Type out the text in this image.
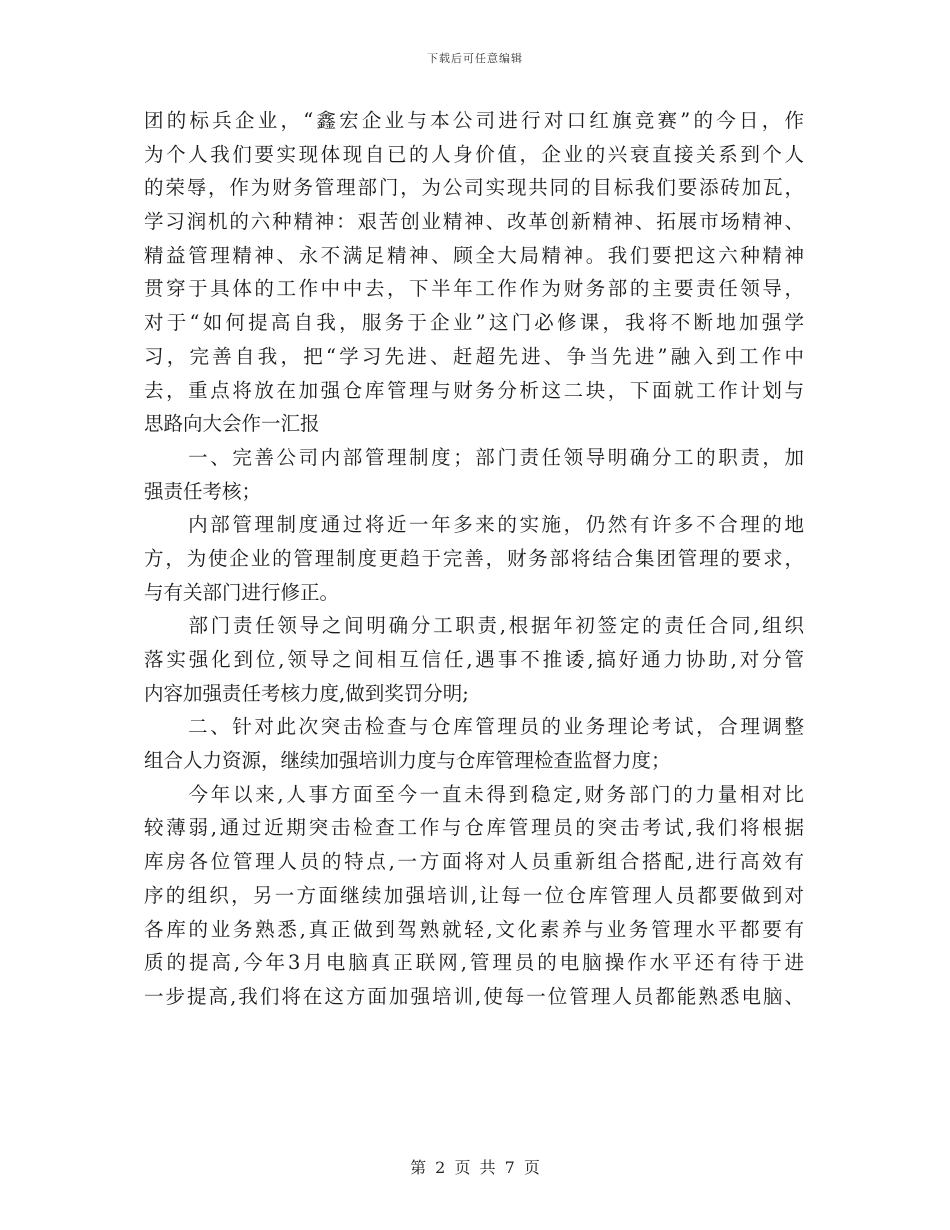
下载后可任意编辑
团的标兵企业，“鑫宏企业与本公司进行对口红旗竞赛”的今日，作
为个人我们要实现体现自已的人身价值，企业的兴衰直接关系到个人
的荣辱，作为财务管理部门，为公司实现共同的目标我们要添砖加瓦，
学习润机的六种精神：艰苦创业精神、改革创新精神、拓展市场精神、
精益管理精神、永不满足精神、顾全大局精神。我们要把这六种精神
贯穿于具体的工作中中去，下半年工作作为财务部的主要责任领导，
对于“如何提高自我，服务于企业”这门必修课，我将不断地加强学
习，完善自我，把“学习先进、赶超先进、争当先进”融入到工作中
去，重点将放在加强仓库管理与财务分析这二块，下面就工作计划与
思路向大会作一汇报
　　一、完善公司内部管理制度；部门责任领导明确分工的职责，加
强责任考核；
　　内部管理制度通过将近一年多来的实施，仍然有许多不合理的地
方，为使企业的管理制度更趋于完善，财务部将结合集团管理的要求，
与有关部门进行修正。
　　部门责任领导之间明确分工职责,根据年初签定的责任合同,组织
落实强化到位,领导之间相互信任,遇事不推诿,搞好通力协助,对分管
内容加强责任考核力度,做到奖罚分明;
　　二、针对此次突击检查与仓库管理员的业务理论考试，合理调整
组合人力资源，继续加强培训力度与仓库管理检查监督力度；
　　今年以来,人事方面至今一直未得到稳定,财务部门的力量相对比
较薄弱,通过近期突击检查工作与仓库管理员的突击考试,我们将根据
库房各位管理人员的特点,一方面将对人员重新组合搭配,进行高效有
序的组织，另一方面继续加强培训,让每一位仓库管理人员都要做到对
各库的业务熟悉,真正做到驾熟就轻,文化素养与业务管理水平都要有
质的提高,今年3月电脑真正联网,管理员的电脑操作水平还有待于进
一步提高,我们将在这方面加强培训,使每一位管理人员都能熟悉电脑、
第 2 页 共 7 页
